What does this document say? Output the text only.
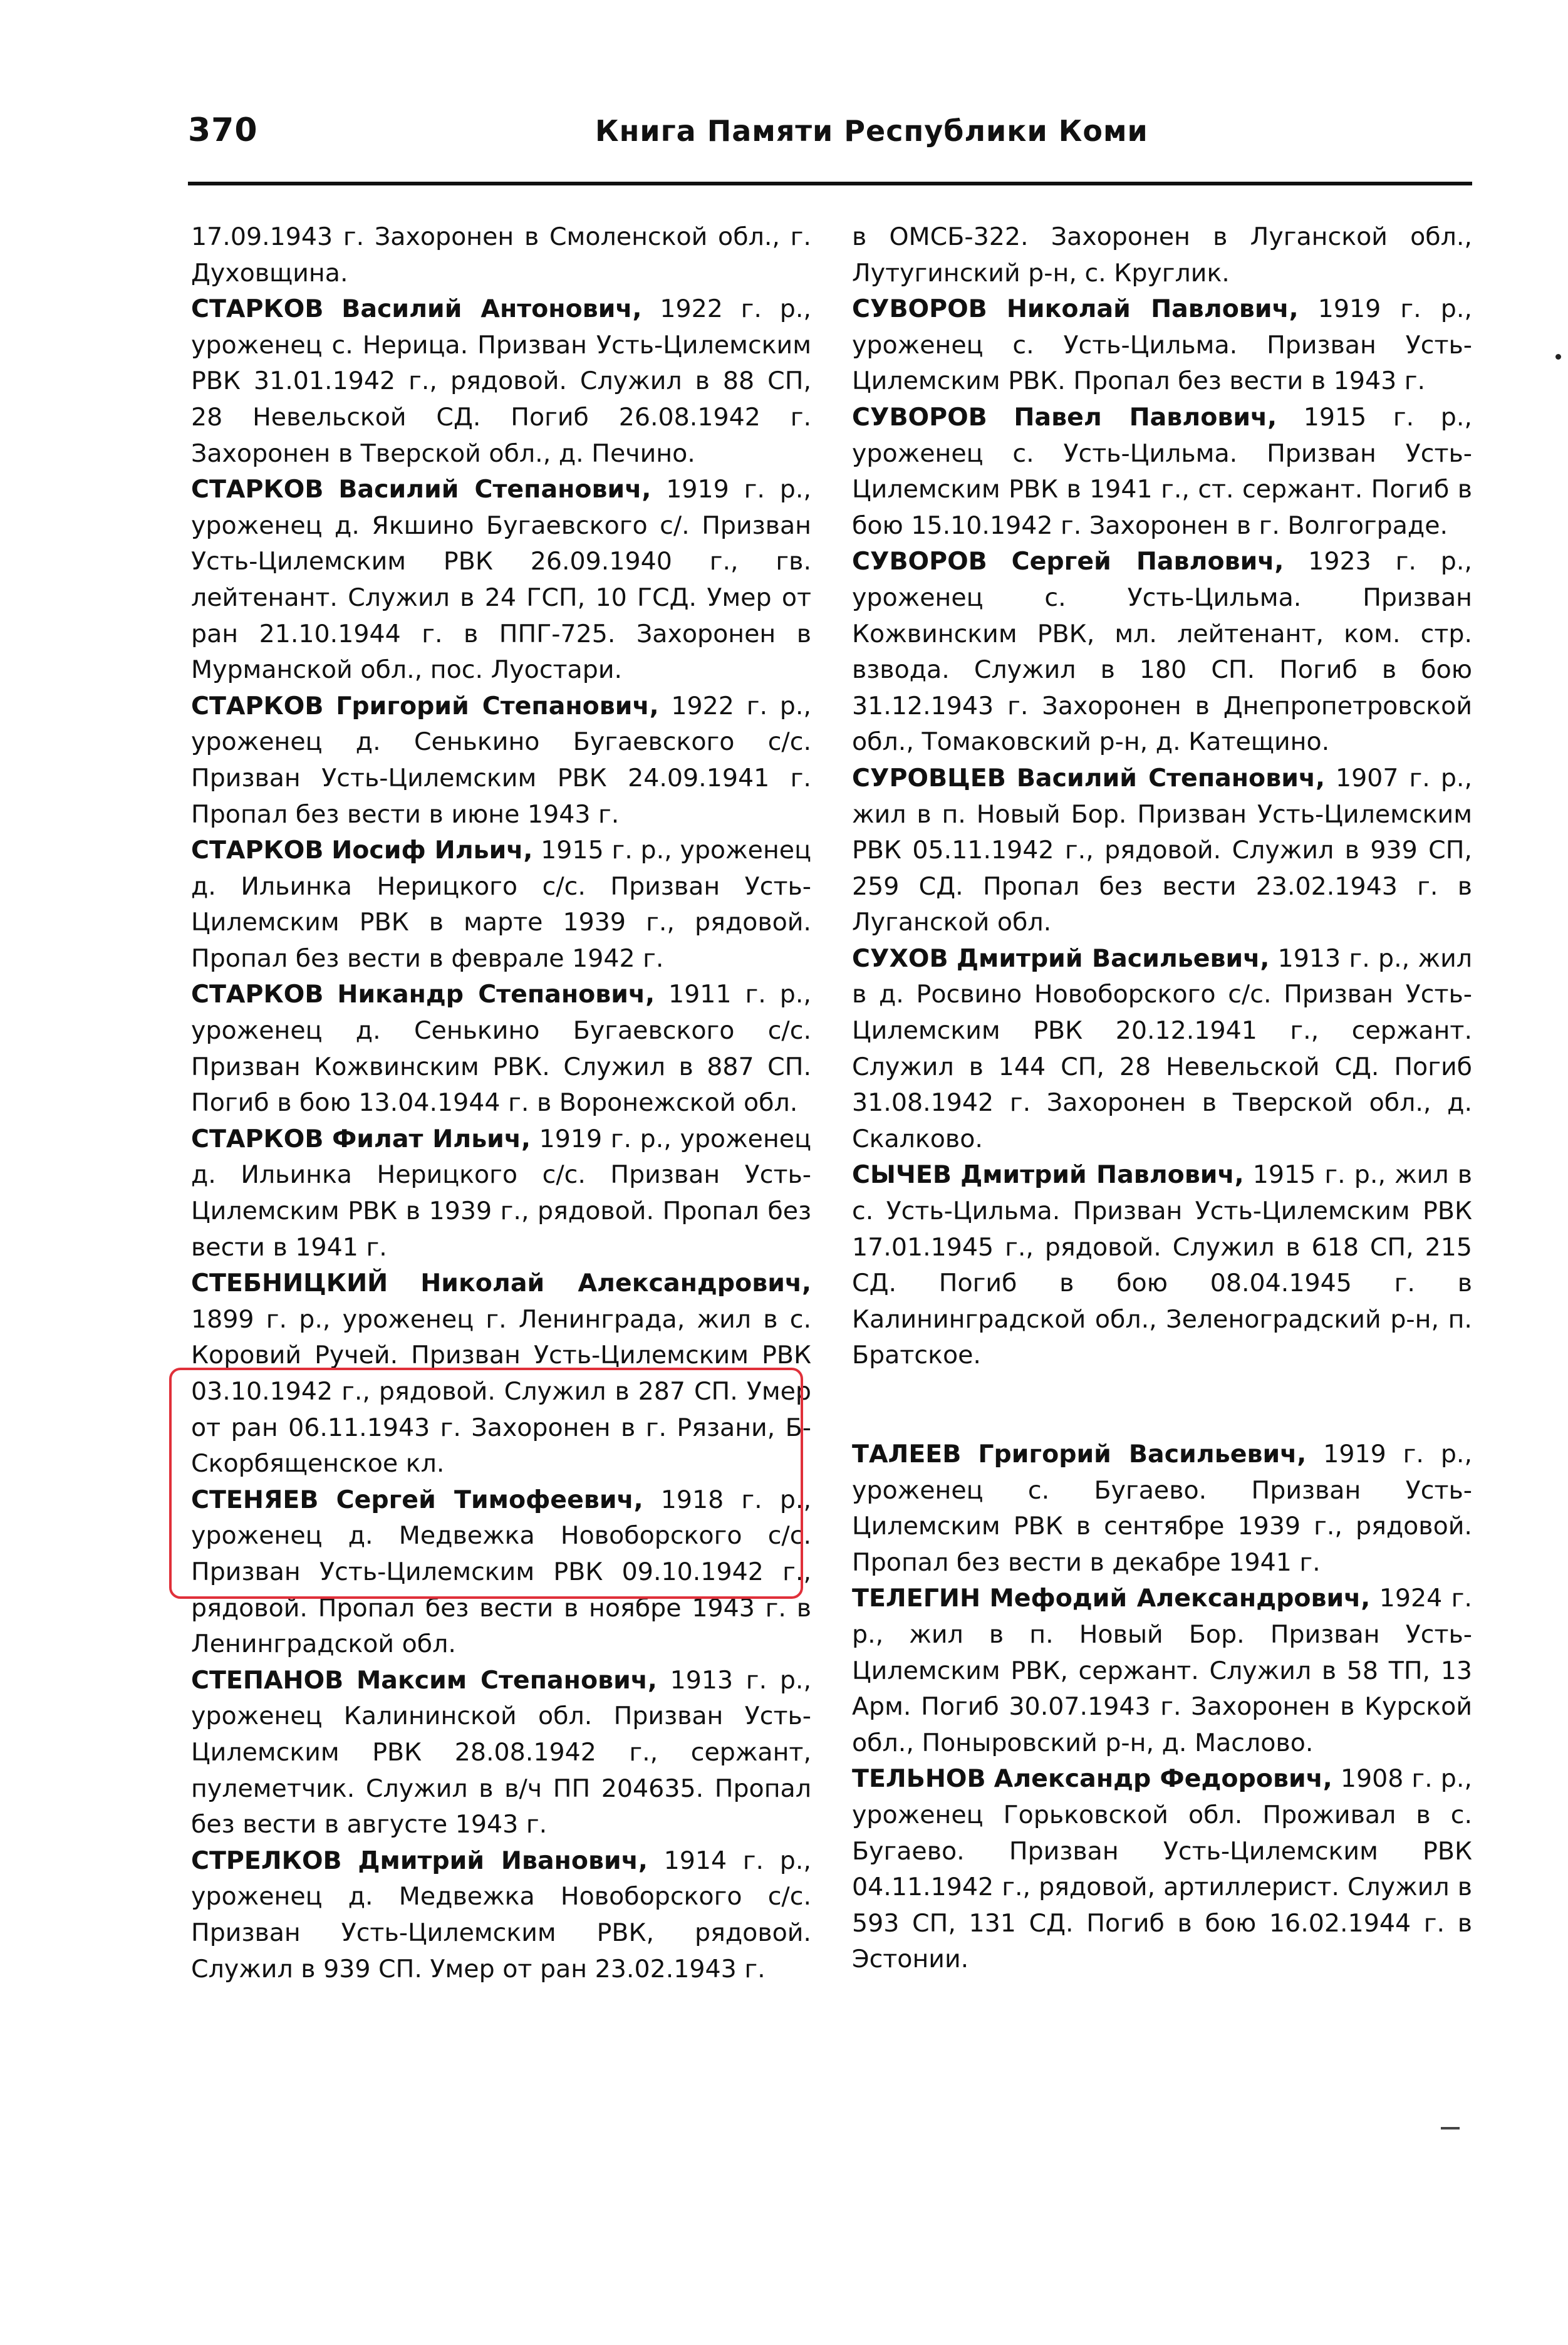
370	Книга Памяти Республики Коми

17.09.1943 г. Захоронен в Смоленской обл., г. Духовщина.

СТАРКОВ Василий Антонович, 1922 г. р., уроженец с. Нерица. Призван Усть-Цилемским РВК 31.01.1942 г., рядовой. Служил в 88 СП, 28 Невельской СД. Погиб 26.08.1942 г. Захоронен в Тверской обл., д. Печино.

СТАРКОВ Василий Степанович, 1919 г. р., уроженец д. Якшино Бугаевского с/. Призван Усть-Цилемским РВК 26.09.1940 г., гв. лейтенант. Служил в 24 ГСП, 10 ГСД. Умер от ран 21.10.1944 г. в ППГ-725. Захоронен в Мурманской обл., пос. Луостари.

СТАРКОВ Григорий Степанович, 1922 г. р., уроженец д. Сенькино Бугаевского с/с. Призван Усть-Цилемским РВК 24.09.1941 г. Пропал без вести в июне 1943 г.

СТАРКОВ Иосиф Ильич, 1915 г. р., уроженец д. Ильинка Нерицкого с/с. Призван Усть-Цилемским РВК в марте 1939 г., рядовой. Пропал без вести в феврале 1942 г.

СТАРКОВ Никандр Степанович, 1911 г. р., уроженец д. Сенькино Бугаевского с/с. Призван Кожвинским РВК. Служил в 887 СП. Погиб в бою 13.04.1944 г. в Воронежской обл.

СТАРКОВ Филат Ильич, 1919 г. р., уроженец д. Ильинка Нерицкого с/с. Призван Усть-Цилемским РВК в 1939 г., рядовой. Пропал без вести в 1941 г.

СТЕБНИЦКИЙ Николай Александрович, 1899 г. р., уроженец г. Ленинграда, жил в с. Коровий Ручей. Призван Усть-Цилемским РВК 03.10.1942 г., рядовой. Служил в 287 СП. Умер от ран 06.11.1943 г. Захоронен в г. Рязани, Б-Скорбященское кл.

СТЕНЯЕВ Сергей Тимофеевич, 1918 г. р., уроженец д. Медвежка Новоборского с/с. Призван Усть-Цилемским РВК 09.10.1942 г., рядовой. Пропал без вести в ноябре 1943 г. в Ленинградской обл.

СТЕПАНОВ Максим Степанович, 1913 г. р., уроженец Калининской обл. Призван Усть-Цилемским РВК 28.08.1942 г., сержант, пулеметчик. Служил в в/ч ПП 204635. Пропал без вести в августе 1943 г.

СТРЕЛКОВ Дмитрий Иванович, 1914 г. р., уроженец д. Медвежка Новоборского с/с. Призван Усть-Цилемским РВК, рядовой. Служил в 939 СП. Умер от ран 23.02.1943 г.

в ОМСБ-322. Захоронен в Луганской обл., Лутугинский р-н, с. Круглик.

СУВОРОВ Николай Павлович, 1919 г. р., уроженец с. Усть-Цильма. Призван Усть-Цилемским РВК. Пропал без вести в 1943 г.

СУВОРОВ Павел Павлович, 1915 г. р., уроженец с. Усть-Цильма. Призван Усть-Цилемским РВК в 1941 г., ст. сержант. Погиб в бою 15.10.1942 г. Захоронен в г. Волгограде.

СУВОРОВ Сергей Павлович, 1923 г. р., уроженец с. Усть-Цильма. Призван Кожвинским РВК, мл. лейтенант, ком. стр. взвода. Служил в 180 СП. Погиб в бою 31.12.1943 г. Захоронен в Днепропетровской обл., Томаковский р-н, д. Катещино.

СУРОВЦЕВ Василий Степанович, 1907 г. р., жил в п. Новый Бор. Призван Усть-Цилемским РВК 05.11.1942 г., рядовой. Служил в 939 СП, 259 СД. Пропал без вести 23.02.1943 г. в Луганской обл.

СУХОВ Дмитрий Васильевич, 1913 г. р., жил в д. Росвино Новоборского с/с. Призван Усть-Цилемским РВК 20.12.1941 г., сержант. Служил в 144 СП, 28 Невельской СД. Погиб 31.08.1942 г. Захоронен в Тверской обл., д. Скалково.

СЫЧЕВ Дмитрий Павлович, 1915 г. р., жил в с. Усть-Цильма. Призван Усть-Цилемским РВК 17.01.1945 г., рядовой. Служил в 618 СП, 215 СД. Погиб в бою 08.04.1945 г. в Калининградской обл., Зеленоградский р-н, п. Братское.

ТАЛЕЕВ Григорий Васильевич, 1919 г. р., уроженец с. Бугаево. Призван Усть-Цилемским РВК в сентябре 1939 г., рядовой. Пропал без вести в декабре 1941 г.

ТЕЛЕГИН Мефодий Александрович, 1924 г. р., жил в п. Новый Бор. Призван Усть-Цилемским РВК, сержант. Служил в 58 ТП, 13 Арм. Погиб 30.07.1943 г. Захоронен в Курской обл., Поныровский р-н, д. Маслово.

ТЕЛЬНОВ Александр Федорович, 1908 г. р., уроженец Горьковской обл. Проживал в с. Бугаево. Призван Усть-Цилемским РВК 04.11.1942 г., рядовой, артиллерист. Служил в 593 СП, 131 СД. Погиб в бою 16.02.1944 г. в Эстонии.
